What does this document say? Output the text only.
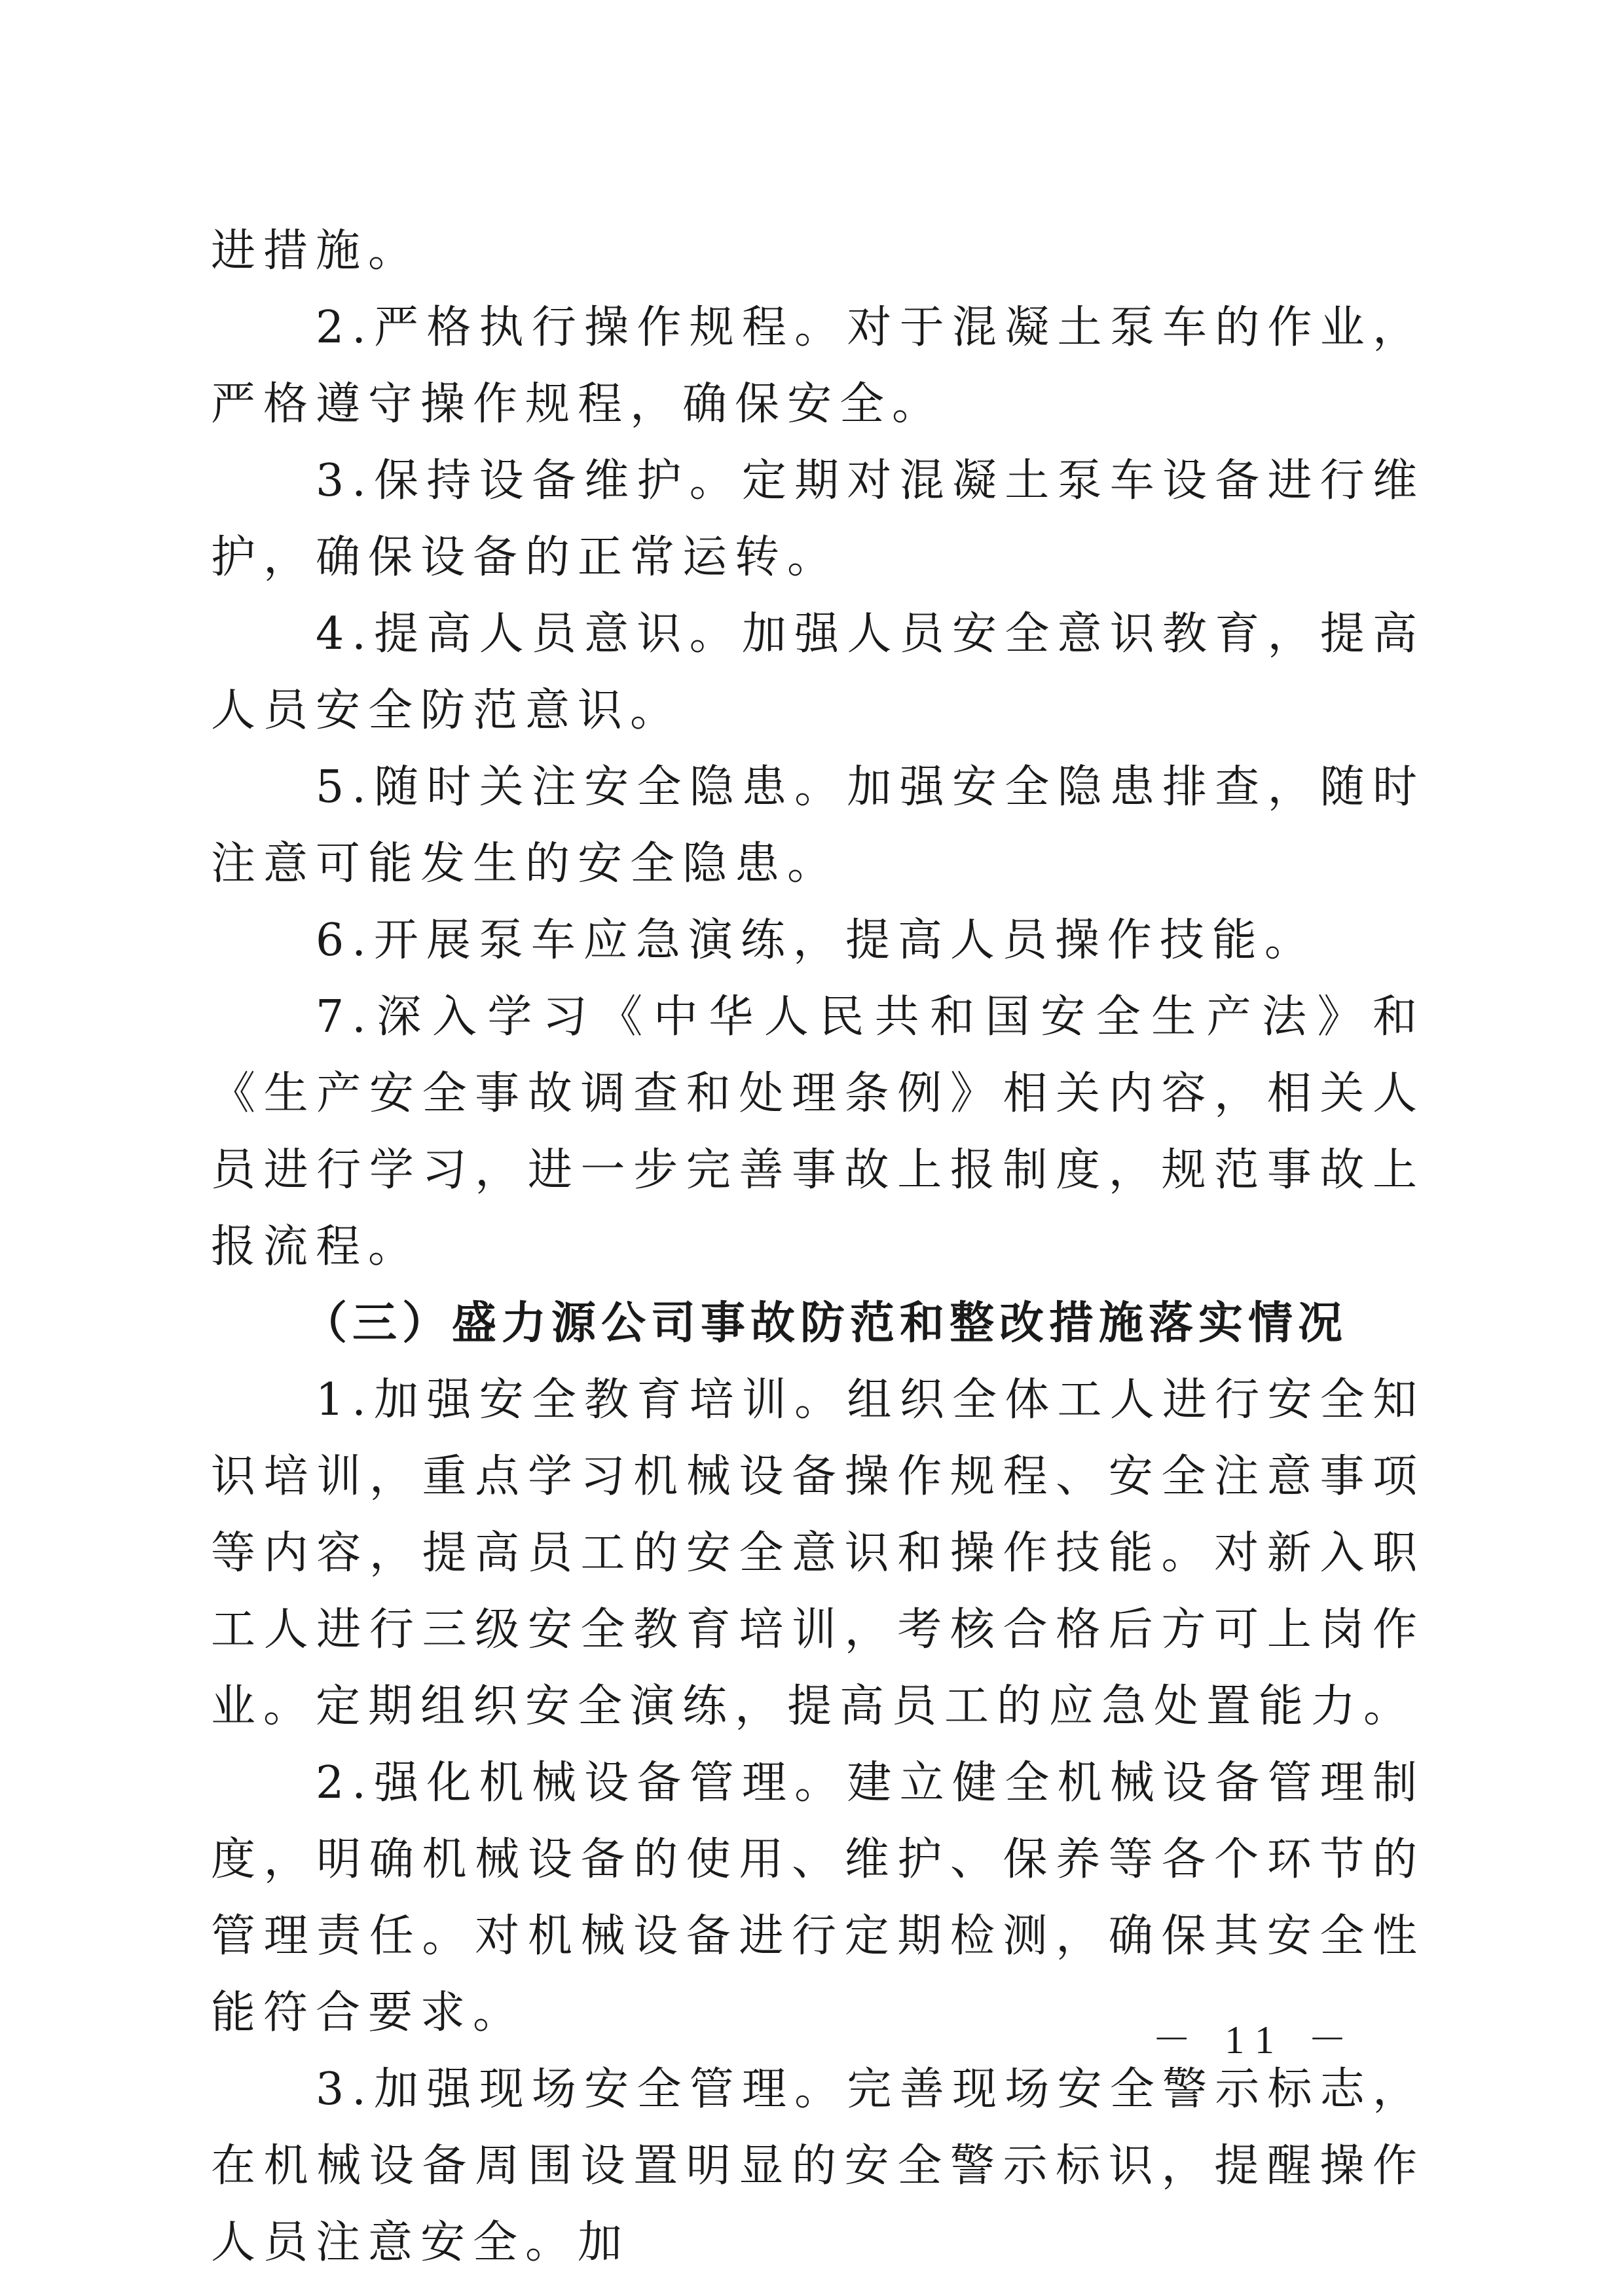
进措施。

2.严格执行操作规程。对于混凝土泵车的作业，严格遵守操作规程，确保安全。

3.保持设备维护。定期对混凝土泵车设备进行维护，确保设备的正常运转。

4.提高人员意识。加强人员安全意识教育，提高人员安全防范意识。

5.随时关注安全隐患。加强安全隐患排查，随时注意可能发生的安全隐患。

6.开展泵车应急演练，提高人员操作技能。

7.深入学习《中华人民共和国安全生产法》和《生产安全事故调查和处理条例》相关内容，相关人员进行学习，进一步完善事故上报制度，规范事故上报流程。

（三）盛力源公司事故防范和整改措施落实情况

1.加强安全教育培训。组织全体工人进行安全知识培训，重点学习机械设备操作规程、安全注意事项等内容，提高员工的安全意识和操作技能。对新入职工人进行三级安全教育培训，考核合格后方可上岗作业。定期组织安全演练，提高员工的应急处置能力。

2.强化机械设备管理。建立健全机械设备管理制度，明确机械设备的使用、维护、保养等各个环节的管理责任。对机械设备进行定期检测，确保其安全性能符合要求。

3.加强现场安全管理。完善现场安全警示标志，在机械设备周围设置明显的安全警示标识，提醒操作人员注意安全。加

－ 11 －
